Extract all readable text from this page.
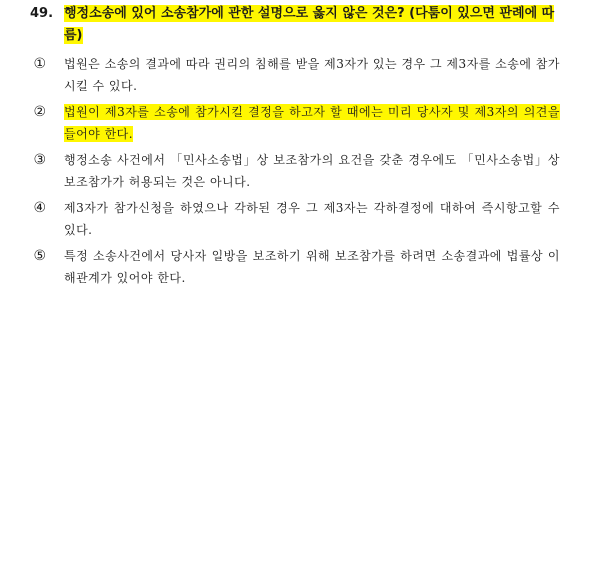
49. 행정소송에 있어 소송참가에 관한 설명으로 옳지 않은 것은? (다툼이 있으면 판례에 따름)
① 법원은 소송의 결과에 따라 권리의 침해를 받을 제3자가 있는 경우 그 제3자를 소송에 참가시킬 수 있다.
② 법원이 제3자를 소송에 참가시킬 결정을 하고자 할 때에는 미리 당사자 및 제3자의 의견을 들어야 한다.
③ 행정소송 사건에서 「민사소송법」상 보조참가의 요건을 갖춘 경우에도 「민사소송법」상 보조참가가 허용되는 것은 아니다.
④ 제3자가 참가신청을 하였으나 각하된 경우 그 제3자는 각하결정에 대하여 즉시항고할 수 있다.
⑤ 특정 소송사건에서 당사자 일방을 보조하기 위해 보조참가를 하려면 소송결과에 법률상 이해관계가 있어야 한다.
